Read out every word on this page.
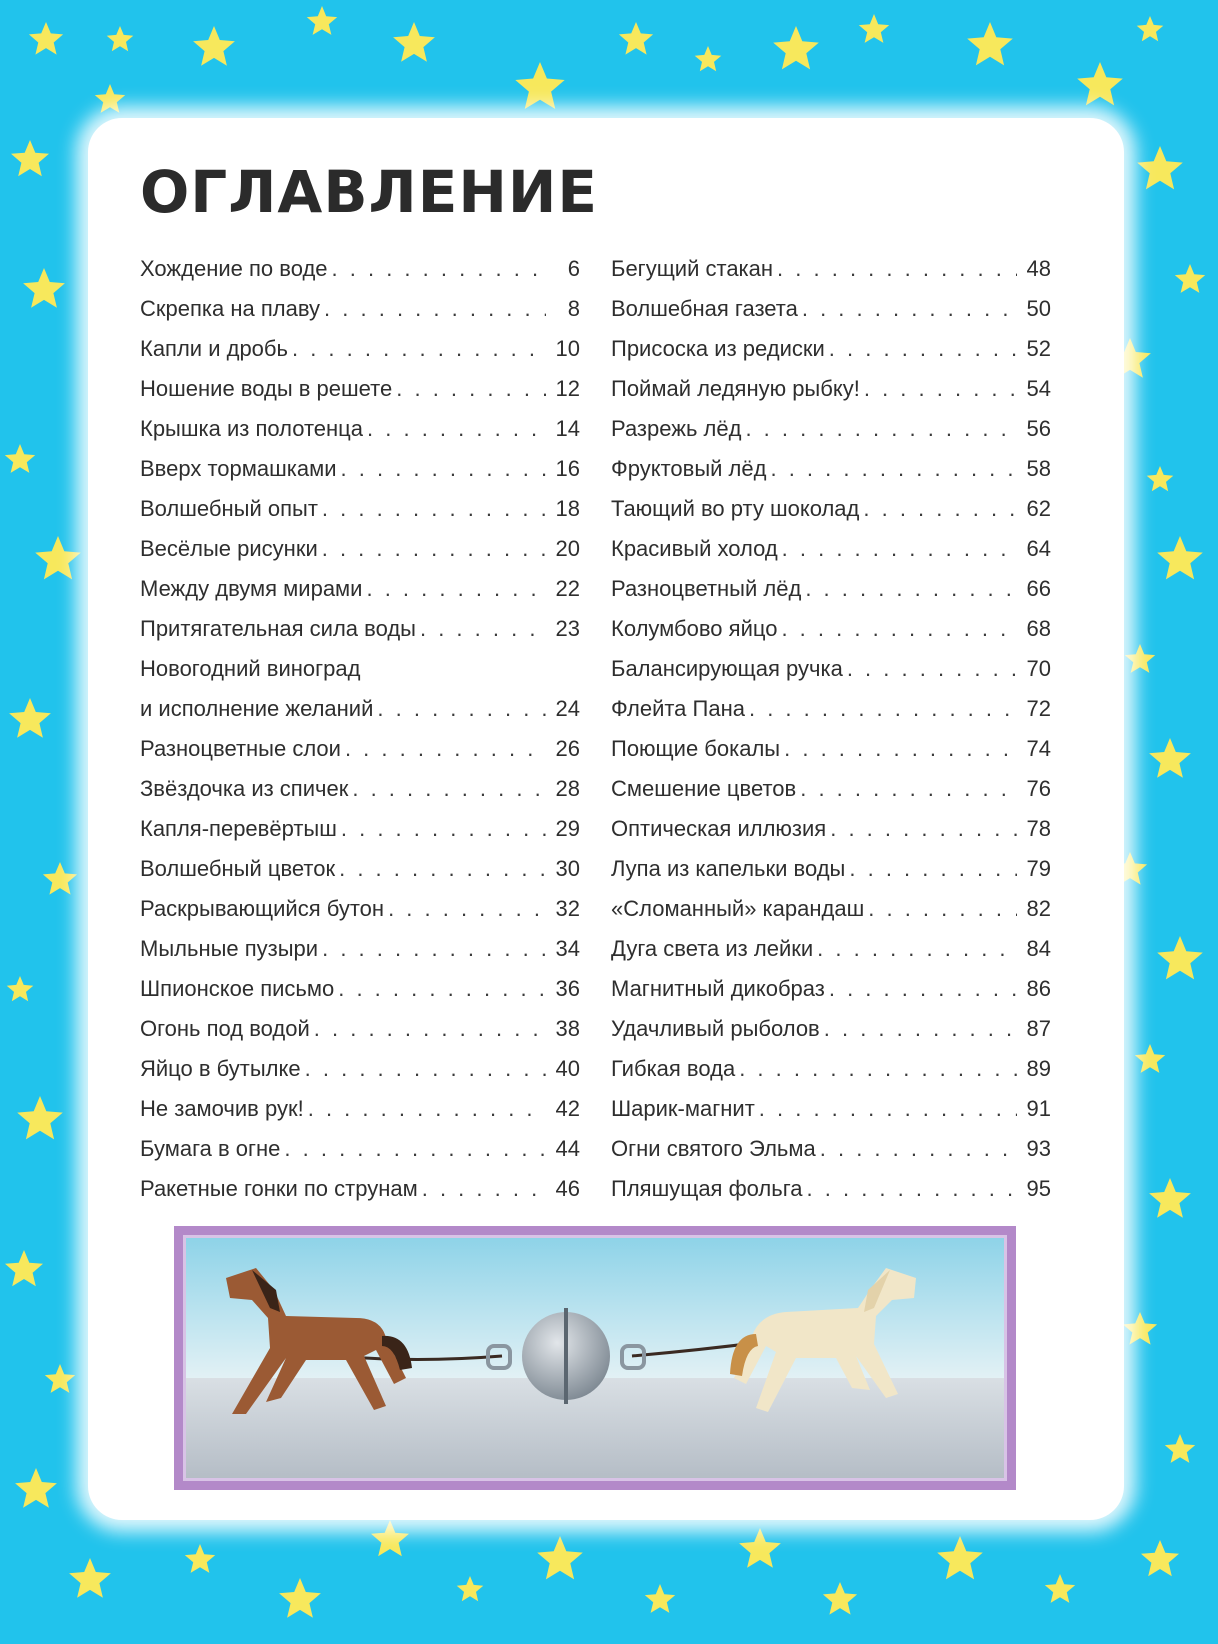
ОГЛАВЛЕНИЕ
Хождение по воде . . .	6
Скрепка на плаву . . .	8
Капли и дробь . . .	10
Ношение воды в решете . . .	12
Крышка из полотенца . . .	14
Вверх тормашками . . .	16
Волшебный опыт . . .	18
Весёлые рисунки . . .	20
Между двумя мирами . . .	22
Притягательная сила воды . . .	23
Новогодний виноград
и исполнение желаний . . .	24
Разноцветные слои . . .	26
Звёздочка из спичек . . .	28
Капля-перевёртыш . . .	29
Волшебный цветок . . .	30
Раскрывающийся бутон . . .	32
Мыльные пузыри . . .	34
Шпионское письмо . . .	36
Огонь под водой . . .	38
Яйцо в бутылке . . .	40
Не замочив рук! . . .	42
Бумага в огне . . .	44
Ракетные гонки по струнам . . .	46
Бегущий стакан . . .	48
Волшебная газета . . .	50
Присоска из редиски . . .	52
Поймай ледяную рыбку! . . .	54
Разрежь лёд . . .	56
Фруктовый лёд . . .	58
Тающий во рту шоколад . . .	62
Красивый холод . . .	64
Разноцветный лёд . . .	66
Колумбово яйцо . . .	68
Балансирующая ручка . . .	70
Флейта Пана . . .	72
Поющие бокалы . . .	74
Смешение цветов . . .	76
Оптическая иллюзия . . .	78
Лупа из капельки воды . . .	79
«Сломанный» карандаш . . .	82
Дуга света из лейки . . .	84
Магнитный дикобраз . . .	86
Удачливый рыболов . . .	87
Гибкая вода . . .	89
Шарик-магнит . . .	91
Огни святого Эльма . . .	93
Пляшущая фольга . . .	95
